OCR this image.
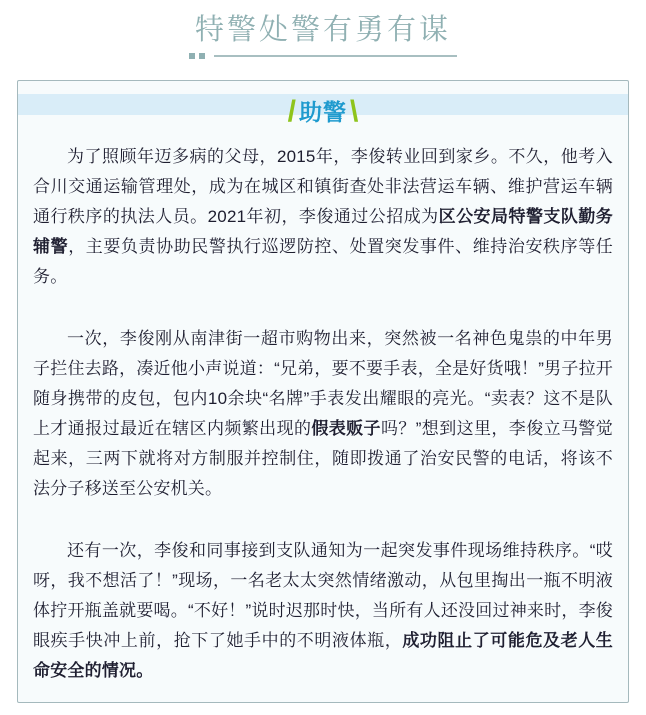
特警处警有勇有谋
/ 助警 \

为了照顾年迈多病的父母，2015年，李俊转业回到家乡。不久，他考入合川交通运输管理处，成为在城区和镇街查处非法营运车辆、维护营运车辆通行秩序的执法人员。2021年初，李俊通过公招成为区公安局特警支队勤务辅警，主要负责协助民警执行巡逻防控、处置突发事件、维持治安秩序等任务。

一次，李俊刚从南津街一超市购物出来，突然被一名神色鬼祟的中年男子拦住去路，凑近他小声说道：“兄弟，要不要手表，全是好货哦！”男子拉开随身携带的皮包，包内10余块“名牌”手表发出耀眼的亮光。“卖表？这不是队上才通报过最近在辖区内频繁出现的假表贩子吗？”想到这里，李俊立马警觉起来，三两下就将对方制服并控制住，随即拨通了治安民警的电话，将该不法分子移送至公安机关。

还有一次，李俊和同事接到支队通知为一起突发事件现场维持秩序。“哎呀，我不想活了！”现场，一名老太太突然情绪激动，从包里掏出一瓶不明液体拧开瓶盖就要喝。“不好！”说时迟那时快，当所有人还没回过神来时，李俊眼疾手快冲上前，抢下了她手中的不明液体瓶，成功阻止了可能危及老人生命安全的情况。
